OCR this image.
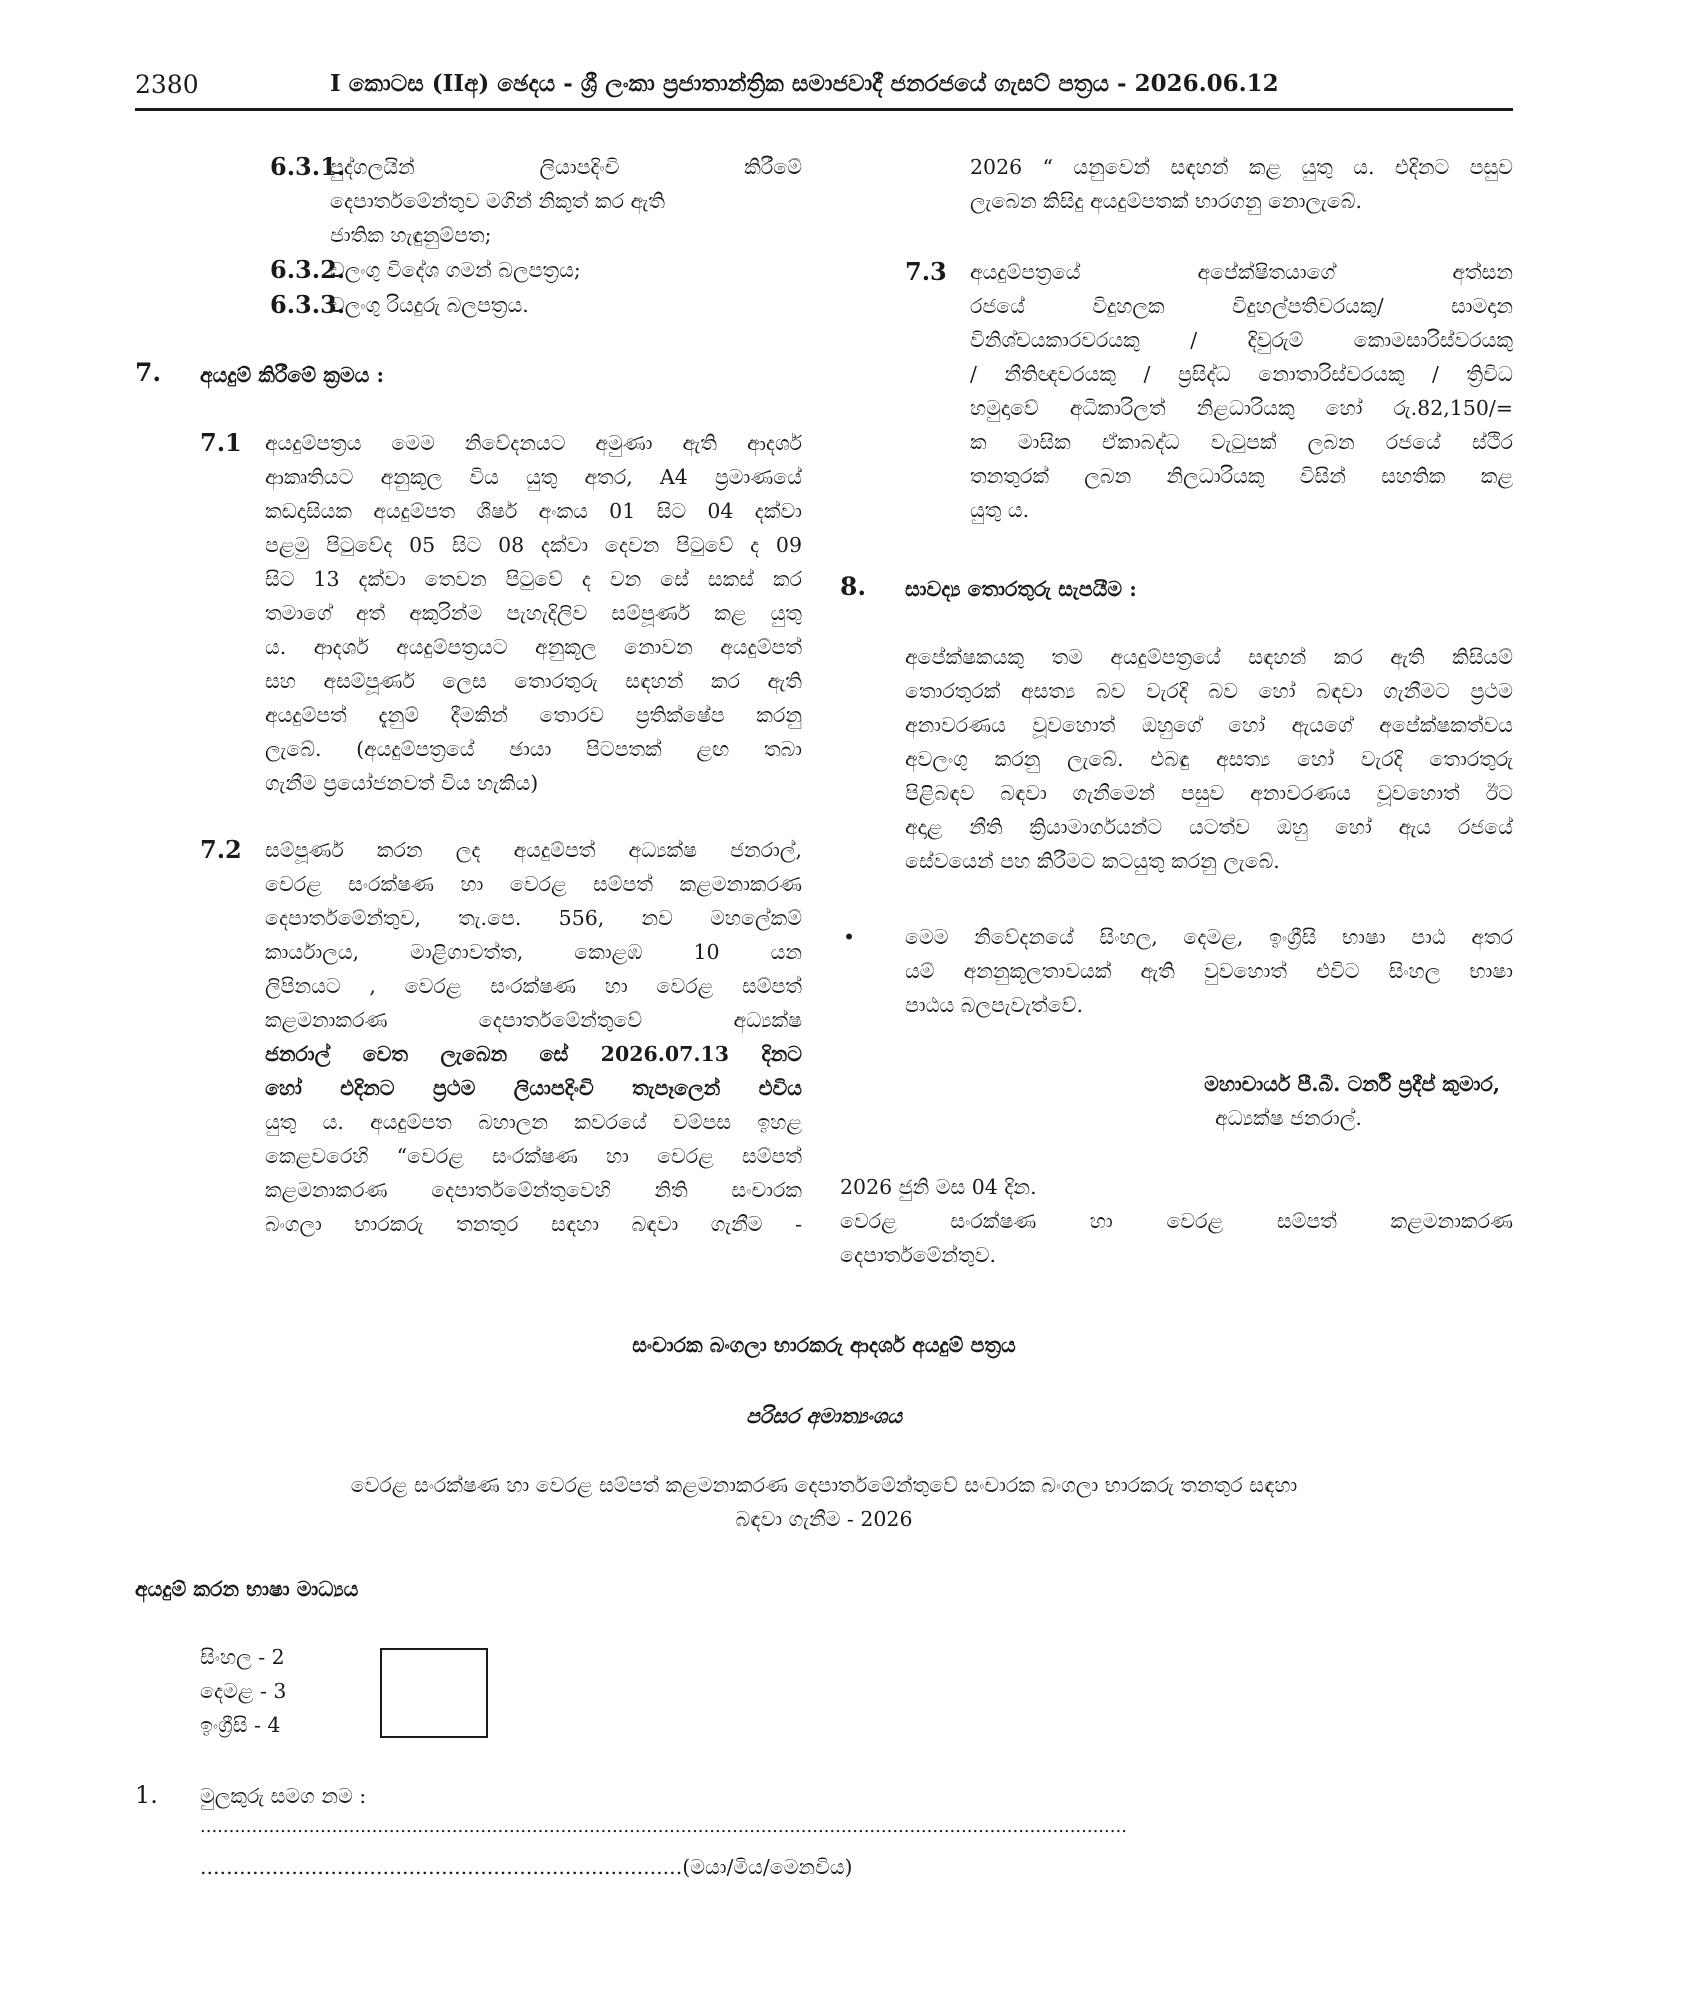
2380	I කොටස (IIඅ) ඡෙදය - ශ්‍රී ලංකා ප්‍රජාතාන්ත්‍රික සමාජවාදී ජනරජයේ ගැසට් පත්‍රය - 2026.06.12
6.3.1.
පුද්ගලයින් ලියාපදිංචි කිරීමේ
දෙපාර්තමේන්තුව මගින් නිකුත් කර ඇති
ජාතික හැඳුනුම්පත;
6.3.2.
වලංගු විදේශ ගමන් බලපත්‍රය;
6.3.3.
වලංගු රියදුරු බලපත්‍රය.
7. අයදුම් කිරීමේ ක්‍රමය :
7.1 අයදුම්පත්‍රය මෙම නිවේදනයට අමුණා ඇති ආදර්ශ
ආකෘතියට අනුකූල විය යුතු අතර, A4 ප්‍රමාණයේ
කඩදාසියක අයදුම්පත ශීර්ෂ අංකය 01 සිට 04 දක්වා
පළමු පිටුවේද 05 සිට 08 දක්වා දෙවන පිටුවේ ද 09
සිට 13 දක්වා තෙවන පිටුවේ ද වන සේ සකස් කර
තමාගේ අත් අකුරින්ම පැහැදිලිව සම්පූර්ණ කළ යුතු
ය. ආදර්ශ අයදුම්පත්‍රයට අනුකූල නොවන අයදුම්පත්
සහ අසම්පූර්ණ ලෙස තොරතුරු සඳහන් කර ඇති
අයදුම්පත් දැනුම් දීමකින් තොරව ප්‍රතික්ෂේප කරනු
ලැබේ. (අයදුම්පත්‍රයේ ඡායා පිටපතක් ළඟ තබා
ගැනීම ප්‍රයෝජනවත් විය හැකිය)
7.2 සම්පූර්ණ කරන ලද අයදුම්පත් අධ්‍යක්ෂ ජනරාල්,
වෙරළ සංරක්ෂණ හා වෙරළ සම්පත් කළමනාකරණ
දෙපාර්තමේන්තුව, තැ.පෙ. 556, නව මහලේකම්
කාර්යාලය, මාළිගාවත්ත, කොළඹ 10 යන
ලිපිනයට , වෙරළ සංරක්ෂණ හා වෙරළ සම්පත්
කළමනාකරණ දෙපාර්තමේන්තුවේ අධ්‍යක්ෂ
ජනරාල් වෙත ලැබෙන සේ 2026.07.13 දිනට
හෝ එදිනට ප්‍රථම ලියාපදිංචි තැපෑලෙන් එවිය
යුතු ය. අයදුම්පත බහාලන කවරයේ වම්පස ඉහළ
කෙළවරෙහි “වෙරළ සංරක්ෂණ හා වෙරළ සම්පත්
කළමනාකරණ දෙපාර්තමේන්තුවෙහි නිති සංචාරක
බංගලා භාරකරු තනතුර සඳහා බඳවා ගැනීම -
2026 “ යනුවෙන් සඳහන් කළ යුතු ය. එදිනට පසුව
ලැබෙන කිසිදු අයදුම්පතක් භාරගනු නොලැබේ.
7.3 අයදුම්පත්‍රයේ අපේක්ෂිතයාගේ අත්සන
රජයේ විදුහලක විදුහල්පතිවරයකු/ සාමදාන
විනිශ්චයකාරවරයකු / දිවුරුම් කොමසාරිස්වරයකු
/ නීතිඥවරයකු / ප්‍රසිද්ධ නොතාරිස්වරයකු / ත්‍රිවිධ
හමුදාවේ අධිකාරිලත් නිළධාරියකු හෝ රු.82,150/=
ක මාසික ඒකාබද්ධ වැටුපක් ලබන රජයේ ස්ථිර
තනතුරක් ලබන නිලධාරියකු විසින් සහතික කළ
යුතු ය.
8. සාවද්‍ය තොරතුරු සැපයීම :
අපේක්ෂකයකු තම අයදුම්පත්‍රයේ සඳහන් කර ඇති කිසියම්
තොරතුරක් අසත්‍ය බව වැරදි බව හෝ බඳවා ගැනීමට ප්‍රථම
අනාවරණය වූවහොත් ඔහුගේ හෝ ඇයගේ අපේක්ෂකත්වය
අවලංගු කරනු ලැබේ. එබඳු අසත්‍ය හෝ වැරදි තොරතුරු
පිළිබඳව බඳවා ගැනීමෙන් පසුව අනාවරණය වූවහොත් ඊට
අදාළ නීති ක්‍රියාමාර්ගයන්ට යටත්ව ඔහු හෝ ඇය රජයේ
සේවයෙන් පහ කිරීමට කටයුතු කරනු ලැබේ.
• මෙම නිවේදනයේ සිංහල, දෙමළ, ඉංග්‍රීසි භාෂා පාඨ අතර
යම් අනනුකූලතාවයක් ඇති වුවහොත් එවිට සිංහල භාෂා
පාඨය බලපැවැත්වේ.
මහාචාර්ය පී.බී. ටර්නි ප්‍රදීප් කුමාර,
අධ්‍යක්ෂ ජනරාල්.
2026 ජුනි මස 04 දින.
වෙරළ සංරක්ෂණ හා වෙරළ සම්පත් කළමනාකරණ
දෙපාර්තමේන්තුව.
සංචාරක බංගලා භාරකරු ආදර්ශ අයදුම් පත්‍රය
පරිසර අමාත්‍යංශය
වෙරළ සංරක්ෂණ හා වෙරළ සම්පත් කළමනාකරණ දෙපාර්තමේන්තුවේ සංචාරක බංගලා භාරකරු තනතුර සඳහා
බඳවා ගැනීම - 2026
අයදුම් කරන භාෂා මාධ්‍යය
සිංහල - 2
දෙමළ - 3
ඉංග්‍රීසි - 4
1. මුලකුරු සමග නම :
..................................................................................................................................................................
..........................................................................(මයා/මිය/මෙනවිය)
